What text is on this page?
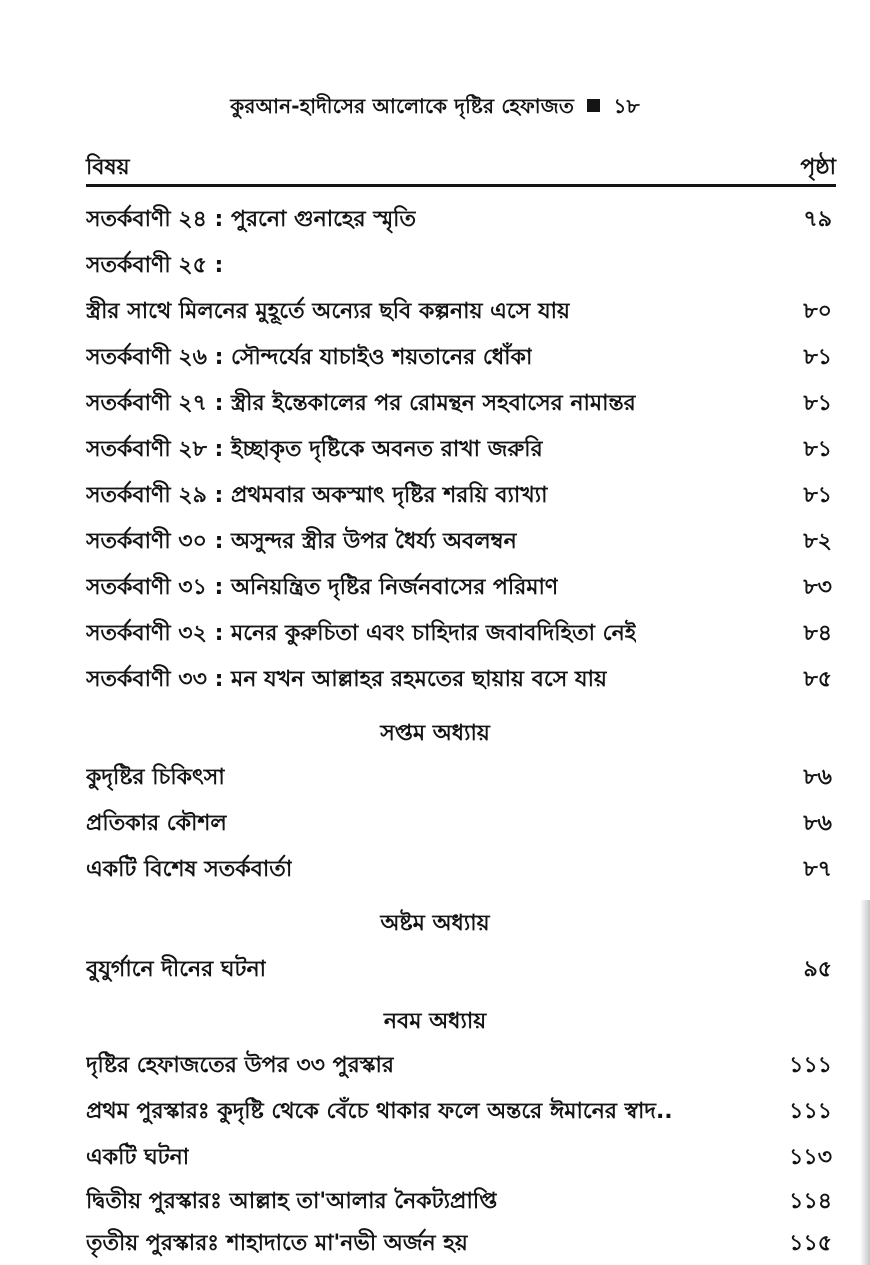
কুরআন-হাদীসের আলোকে দৃষ্টির হেফাজত ১৮
বিষয়	পৃষ্ঠা
সতর্কবাণী ২৪ : পুরনো গুনাহের স্মৃতি	৭৯
সতর্কবাণী ২৫ :
স্ত্রীর সাথে মিলনের মুহূর্তে অন্যের ছবি কল্পনায় এসে যায়	৮০
সতর্কবাণী ২৬ : সৌন্দর্যের যাচাইও শয়তানের ধোঁকা	৮১
সতর্কবাণী ২৭ : স্ত্রীর ইন্তেকালের পর রোমন্থন সহবাসের নামান্তর	৮১
সতর্কবাণী ২৮ : ইচ্ছাকৃত দৃষ্টিকে অবনত রাখা জরুরি	৮১
সতর্কবাণী ২৯ : প্রথমবার অকস্মাৎ দৃষ্টির শরয়ি ব্যাখ্যা	৮১
সতর্কবাণী ৩০ : অসুন্দর স্ত্রীর উপর ধৈর্য্য অবলম্বন	৮২
সতর্কবাণী ৩১ : অনিয়ন্ত্রিত দৃষ্টির নির্জনবাসের পরিমাণ	৮৩
সতর্কবাণী ৩২ : মনের কুরুচিতা এবং চাহিদার জবাবদিহিতা নেই	৮৪
সতর্কবাণী ৩৩ : মন যখন আল্লাহর রহমতের ছায়ায় বসে যায়	৮৫
সপ্তম অধ্যায়
কুদৃষ্টির চিকিৎসা	৮৬
প্রতিকার কৌশল	৮৬
একটি বিশেষ সতর্কবার্তা	৮৭
অষ্টম অধ্যায়
বুযুর্গানে দীনের ঘটনা	৯৫
নবম অধ্যায়
দৃষ্টির হেফাজতের উপর ৩৩ পুরস্কার	১১১
প্রথম পুরস্কারঃ কুদৃষ্টি থেকে বেঁচে থাকার ফলে অন্তরে ঈমানের স্বাদ..	১১১
একটি ঘটনা	১১৩
দ্বিতীয় পুরস্কারঃ আল্লাহ তা'আলার নৈকট্যপ্রাপ্তি	১১৪
তৃতীয় পুরস্কারঃ শাহাদাতে মা'নভী অর্জন হয়	১১৫
